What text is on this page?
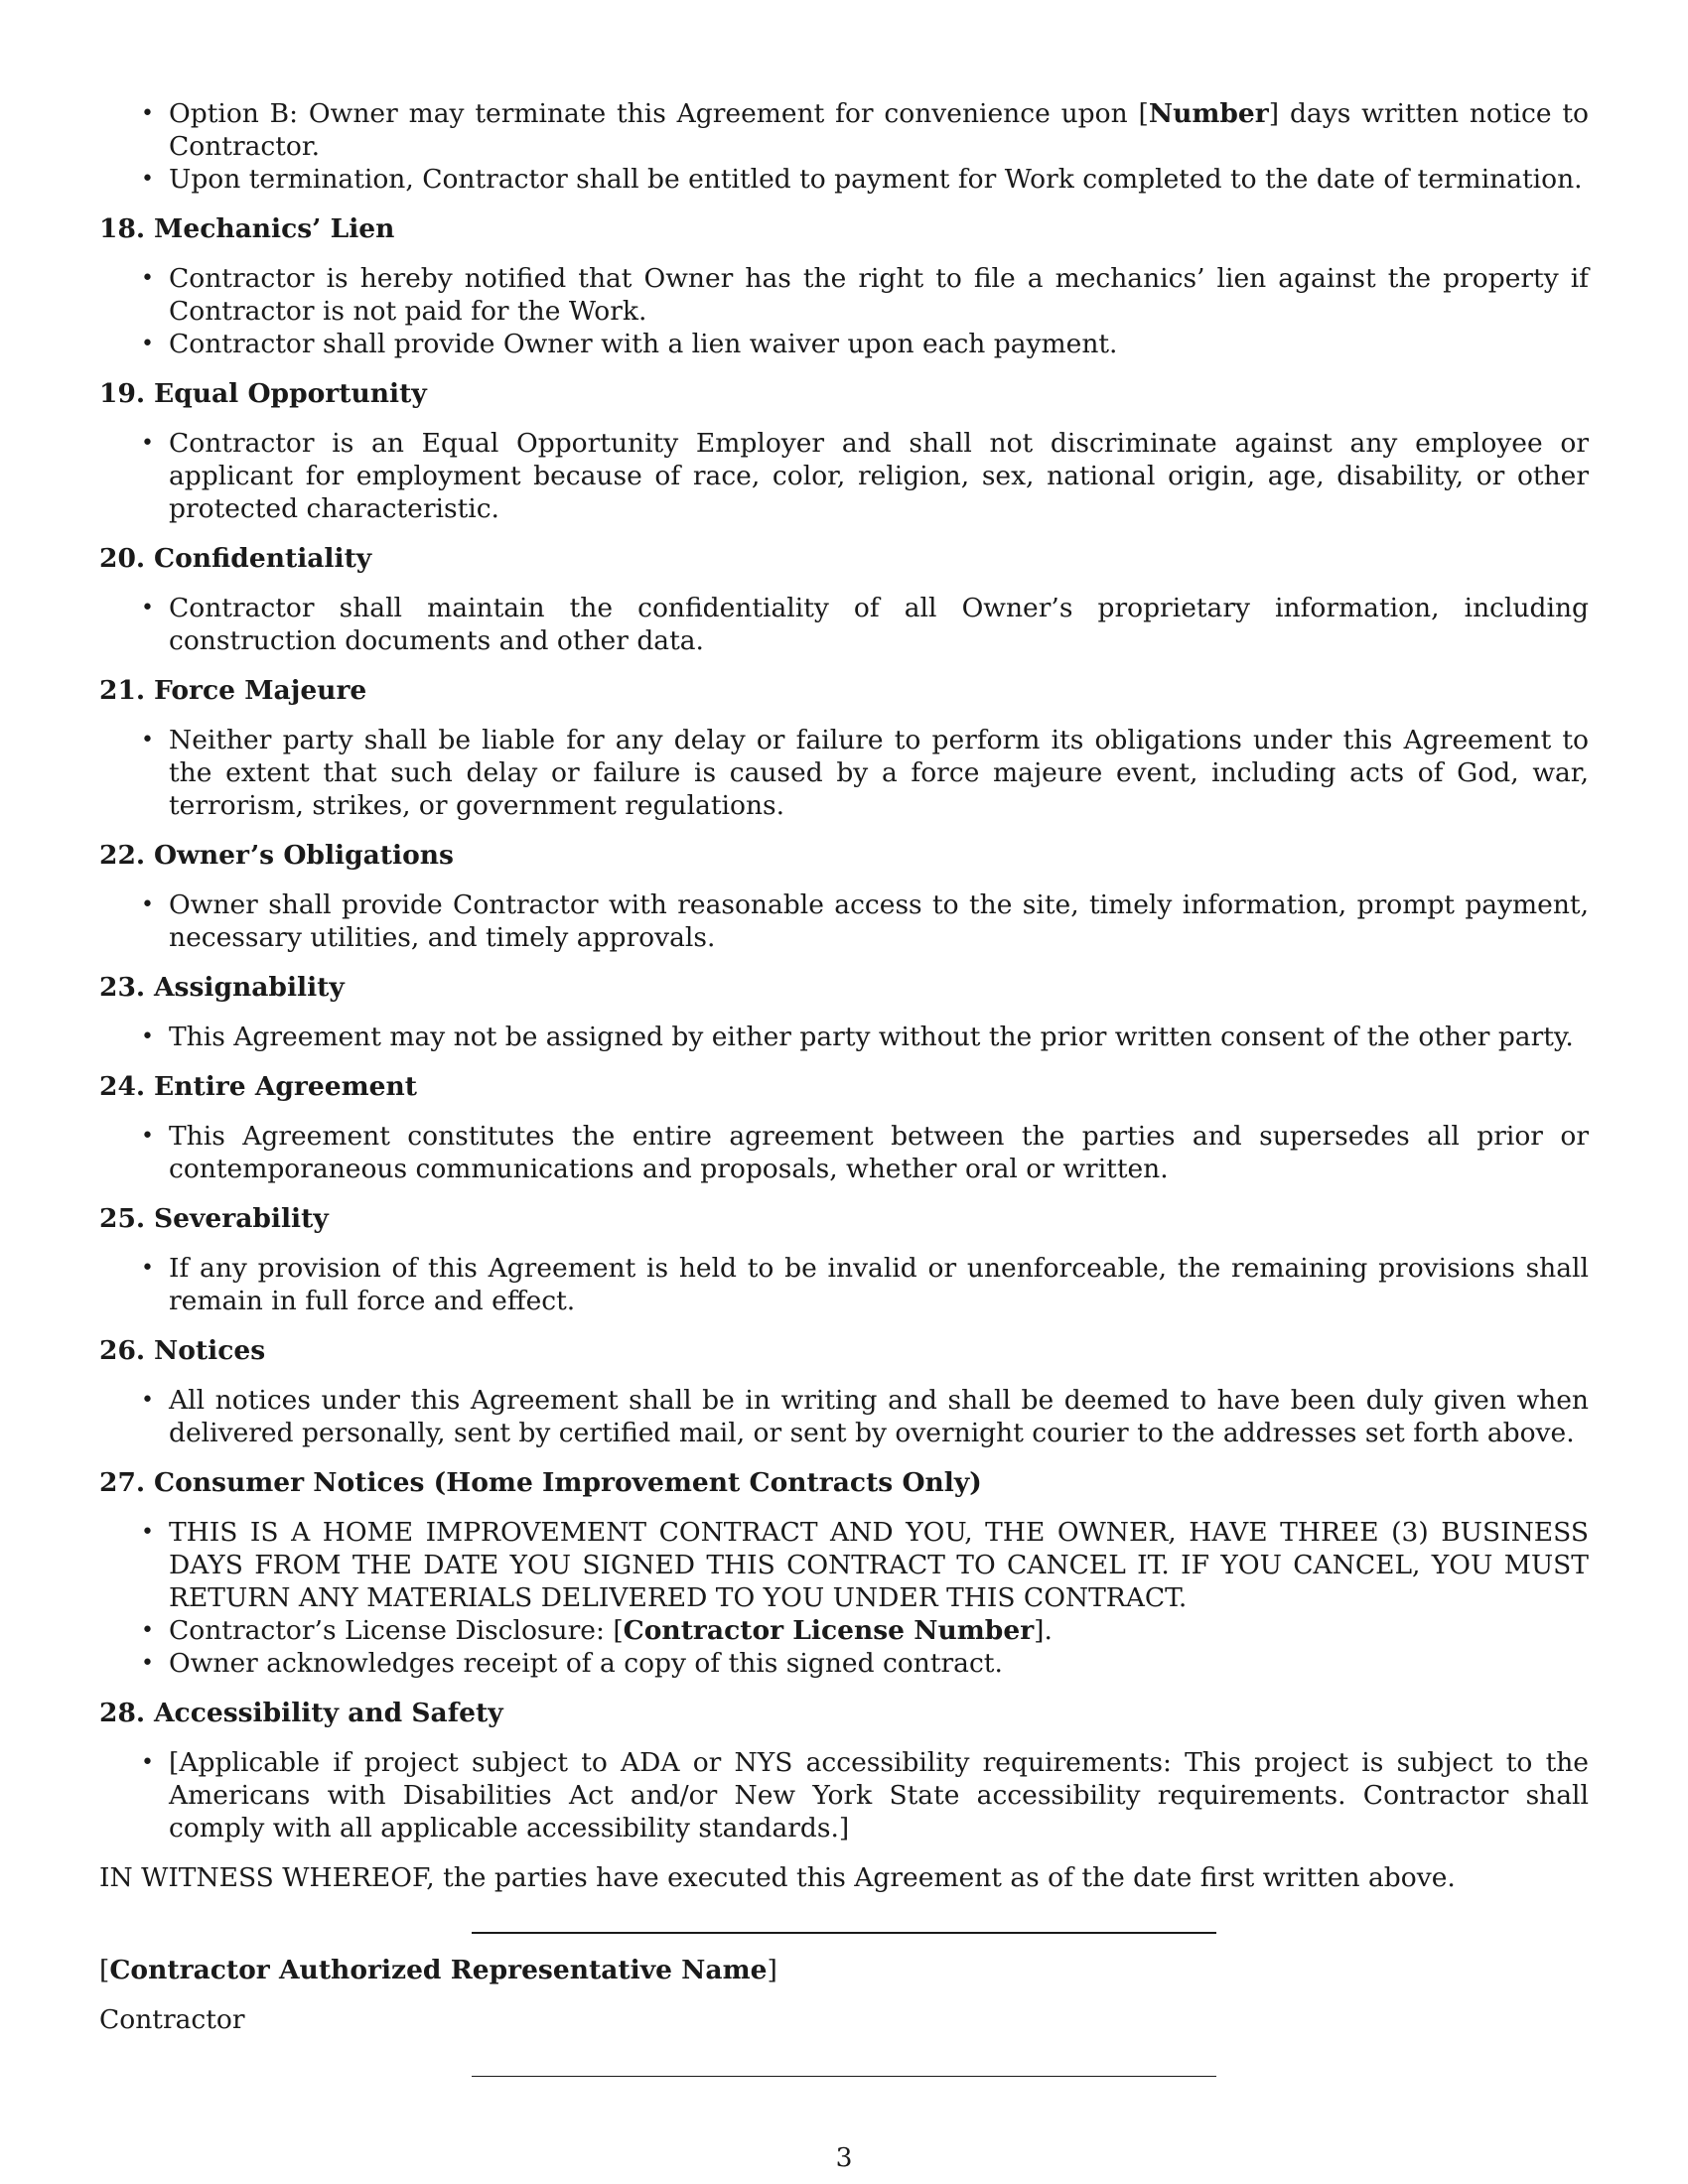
• Option B: Owner may terminate this Agreement for convenience upon [Number] days written notice to Contractor.
• Upon termination, Contractor shall be entitled to payment for Work completed to the date of termination.
18. Mechanics’ Lien
• Contractor is hereby notified that Owner has the right to file a mechanics’ lien against the property if Contractor is not paid for the Work.
• Contractor shall provide Owner with a lien waiver upon each payment.
19. Equal Opportunity
• Contractor is an Equal Opportunity Employer and shall not discriminate against any employee or applicant for employment because of race, color, religion, sex, national origin, age, disability, or other protected characteristic.
20. Confidentiality
• Contractor shall maintain the confidentiality of all Owner’s proprietary information, including construction documents and other data.
21. Force Majeure
• Neither party shall be liable for any delay or failure to perform its obligations under this Agreement to the extent that such delay or failure is caused by a force majeure event, including acts of God, war, terrorism, strikes, or government regulations.
22. Owner’s Obligations
• Owner shall provide Contractor with reasonable access to the site, timely information, prompt payment, necessary utilities, and timely approvals.
23. Assignability
• This Agreement may not be assigned by either party without the prior written consent of the other party.
24. Entire Agreement
• This Agreement constitutes the entire agreement between the parties and supersedes all prior or contemporaneous communications and proposals, whether oral or written.
25. Severability
• If any provision of this Agreement is held to be invalid or unenforceable, the remaining provisions shall remain in full force and effect.
26. Notices
• All notices under this Agreement shall be in writing and shall be deemed to have been duly given when delivered personally, sent by certified mail, or sent by overnight courier to the addresses set forth above.
27. Consumer Notices (Home Improvement Contracts Only)
• THIS IS A HOME IMPROVEMENT CONTRACT AND YOU, THE OWNER, HAVE THREE (3) BUSINESS DAYS FROM THE DATE YOU SIGNED THIS CONTRACT TO CANCEL IT. IF YOU CANCEL, YOU MUST RETURN ANY MATERIALS DELIVERED TO YOU UNDER THIS CONTRACT.
• Contractor’s License Disclosure: [Contractor License Number].
• Owner acknowledges receipt of a copy of this signed contract.
28. Accessibility and Safety
• [Applicable if project subject to ADA or NYS accessibility requirements: This project is subject to the Americans with Disabilities Act and/or New York State accessibility requirements. Contractor shall comply with all applicable accessibility standards.]
IN WITNESS WHEREOF, the parties have executed this Agreement as of the date first written above.
[Contractor Authorized Representative Name]
Contractor
3
